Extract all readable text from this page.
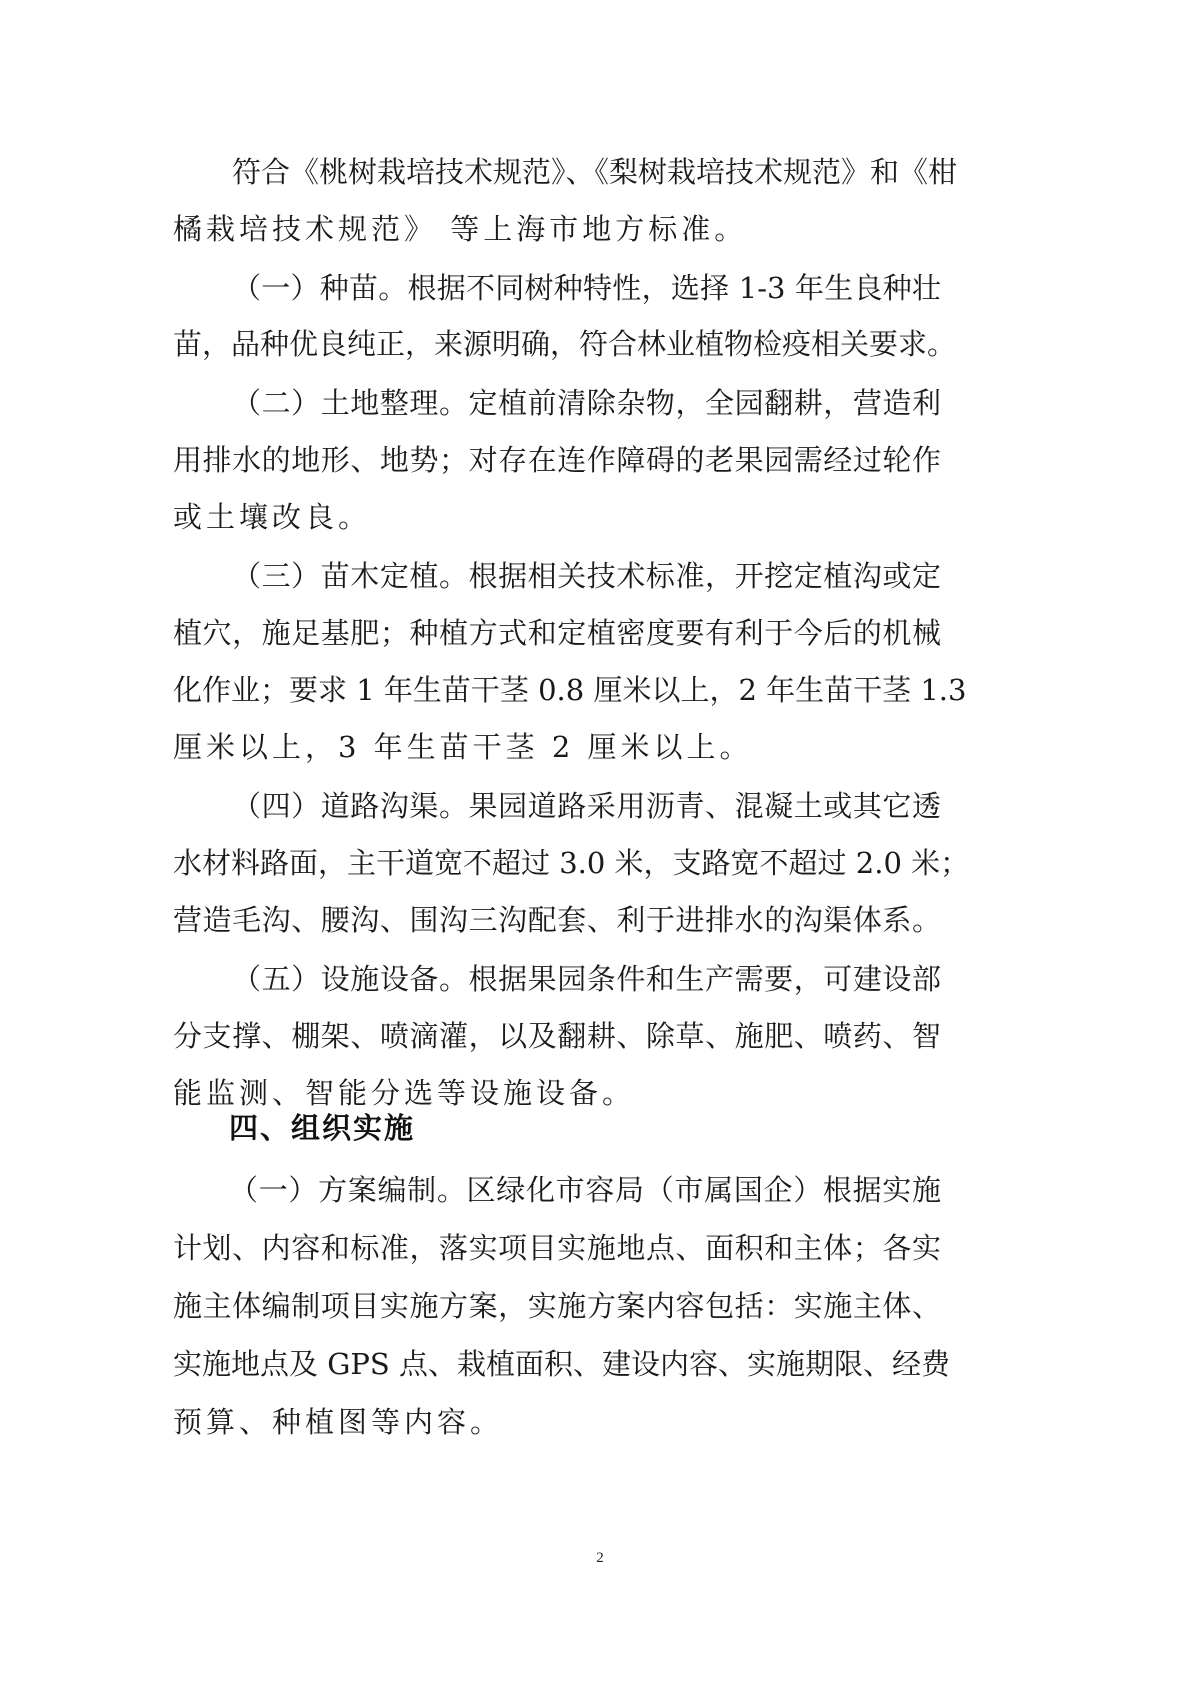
符合《桃树栽培技术规范》、《梨树栽培技术规范》和《柑
橘栽培技术规范》 等上海市地方标准。
（一）种苗。根据不同树种特性，选择 1-3 年生良种壮
苗，品种优良纯正，来源明确，符合林业植物检疫相关要求。
（二）土地整理。定植前清除杂物，全园翻耕，营造利
用排水的地形、地势；对存在连作障碍的老果园需经过轮作
或土壤改良。
（三）苗木定植。根据相关技术标准，开挖定植沟或定
植穴，施足基肥；种植方式和定植密度要有利于今后的机械
化作业；要求 1 年生苗干茎 0.8 厘米以上，2 年生苗干茎 1.3
厘米以上，3 年生苗干茎 2 厘米以上。
（四）道路沟渠。果园道路采用沥青、混凝土或其它透
水材料路面，主干道宽不超过 3.0 米，支路宽不超过 2.0 米；
营造毛沟、腰沟、围沟三沟配套、利于进排水的沟渠体系。
（五）设施设备。根据果园条件和生产需要，可建设部
分支撑、棚架、喷滴灌，以及翻耕、除草、施肥、喷药、智
能监测、智能分选等设施设备。
四、组织实施
（一）方案编制。区绿化市容局（市属国企）根据实施
计划、内容和标准，落实项目实施地点、面积和主体；各实
施主体编制项目实施方案，实施方案内容包括：实施主体、
实施地点及 GPS 点、栽植面积、建设内容、实施期限、经费
预算、种植图等内容。
2
